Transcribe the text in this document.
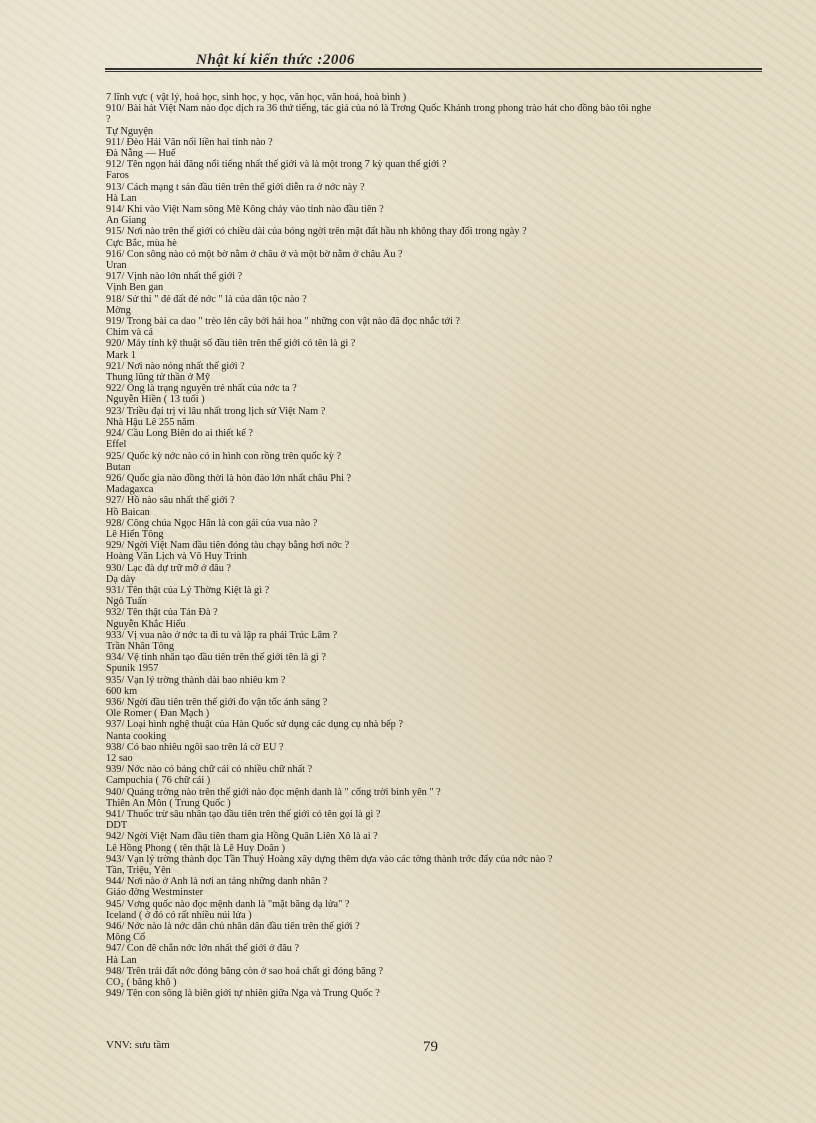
Nhật kí kiến thức :2006
7 lĩnh vực ( vật lý, hoá học, sinh học, y học, văn học, văn hoá, hoà bình )
910/ Bài hát Việt Nam nào đọc dịch ra 36 thứ tiếng, tác giả của nó là Trơng Quốc Khánh trong phong trào hát cho đồng bào tôi nghe
?
Tự Nguyện
911/ Đèo Hải Vân nối liền hai tỉnh nào ?
Đà Nẵng — Huế
912/ Tên ngọn hải đăng nổi tiếng nhất thế giới và là một trong 7 kỳ quan thế giới ?
Faros
913/ Cách mạng t sản đầu tiên trên thế giới diễn ra ở nớc này ?
Hà Lan
914/ Khi vào Việt Nam sông Mê Kông chảy vào tỉnh nào đầu tiên ?
An Giang
915/ Nơi nào trên thế giới có chiều dài của bóng ngời trên mặt đất hầu nh không thay đổi trong ngày ?
Cực Bắc, mùa hè
916/ Con sông nào có một bờ nằm ở châu ở và một bờ nằm ở châu Âu ?
Uran
917/ Vịnh nào lớn nhất thế giới ?
Vịnh Ben gan
918/ Sử thi " đẻ đất đẻ nớc " là của dân tộc nào ?
Mờng
919/ Trong bài ca dao " trèo lên cây bởi hái hoa " những con vật nào đã đọc nhắc tới ?
Chim và cá
920/ Máy tính kỹ thuật số đầu tiên trên thế giới có tên là gì ?
Mark 1
921/ Nơi nào nóng nhất thế giới ?
Thung lũng tử thần ở Mỹ
922/ Ông là trạng nguyên trẻ nhất của nớc ta ?
Nguyễn Hiền ( 13 tuổi )
923/ Triều đại trị vì lâu nhất trong lịch sử Việt Nam ?
Nhà Hậu Lê 255 năm
924/ Cầu Long Biên do ai thiết kế ?
Effel
925/ Quốc kỳ nớc nào có in hình con rồng trên quốc kỳ ?
Butan
926/ Quốc gia nào đồng thời là hòn đảo lớn nhất châu Phi ?
Madagaxca
927/ Hồ nào sâu nhất thế giới ?
Hồ Baican
928/ Công chúa Ngọc Hân là con gái của vua nào ?
Lê Hiển Tông
929/ Ngời Việt Nam đầu tiên đóng tàu chạy bằng hơi nớc ?
Hoàng Văn Lịch và Võ Huy Trinh
930/ Lạc đà dự trữ mỡ ở đâu ?
Dạ dày
931/ Tên thật của Lý Thờng Kiệt là gì ?
Ngô Tuấn
932/ Tên thật của Tản Đà ?
Nguyễn Khắc Hiếu
933/ Vị vua nào ở nớc ta đi tu và lập ra phái Trúc Lâm ?
Trần Nhân Tông
934/ Vệ tinh nhân tạo đầu tiên trên thế giới tên là gì ?
Spunik 1957
935/ Vạn lý trờng thành dài bao nhiêu km ?
600 km
936/ Ngời đầu tiên trên thế giới đo vận tốc ánh sáng ?
Ole Romer ( Đan Mạch )
937/ Loại hình nghệ thuật của Hàn Quốc sử dụng các dụng cụ nhà bếp ?
Nanta cooking
938/ Có bao nhiêu ngôi sao trên lá cờ EU ?
12 sao
939/ Nớc nào có bảng chữ cái có nhiều chữ nhất ?
Campuchia ( 76 chữ cái )
940/ Quảng trờng nào trên thế giới nào đọc mệnh danh là " cổng trời bình yên " ?
Thiên An Môn ( Trung Quốc )
941/ Thuốc trừ sâu nhân tạo đầu tiên trên thế giới có tên gọi là gì ?
DDT
942/ Ngời Việt Nam đầu tiên tham gia Hồng Quân Liên Xô là ai ?
Lê Hồng Phong ( tên thật là Lê Huy Doãn )
943/ Vạn lý trờng thành đọc Tần Thuỷ Hoàng xây dựng thêm dựa vào các tờng thành trớc đấy của nớc nào ?
Tần, Triệu, Yên
944/ Nơi nào ở Anh là nơi an táng những danh nhân ?
Giáo đờng Westminster
945/ Vơng quốc nào đọc mệnh danh là "mặt băng dạ lửa" ?
Iceland ( ở đó có rất nhiều núi lửa )
946/ Nớc nào là nớc dân chủ nhân dân đầu tiên trên thế giới ?
Mông Cổ
947/ Con đê chắn nớc lớn nhất thế giới ở đâu ?
Hà Lan
948/ Trên trái đất nớc đóng băng còn ở sao hoả chất gì đóng băng ?
CO₂ ( băng khô )
949/ Tên con sông là biên giới tự nhiên giữa Nga và Trung Quốc ?
VNV: sưu tầm	79
